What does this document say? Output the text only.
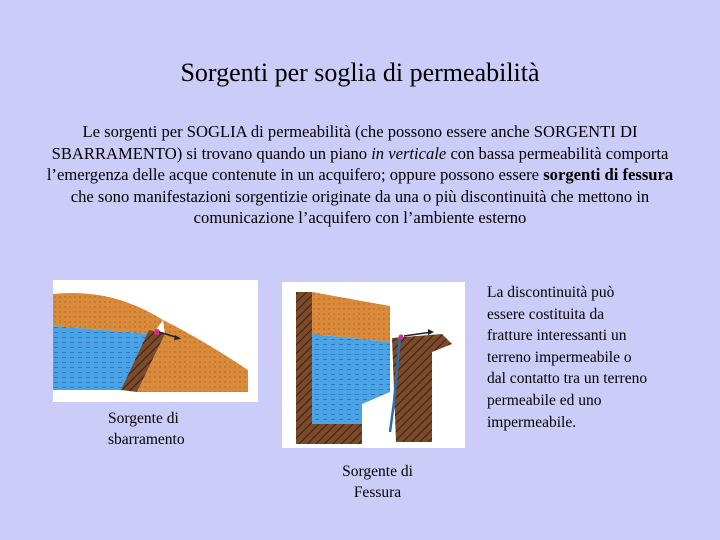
Sorgenti per soglia di permeabilità
Le sorgenti per SOGLIA di permeabilità (che possono essere anche SORGENTI DI SBARRAMENTO) si trovano quando un piano in verticale con bassa permeabilità comporta l’emergenza delle acque contenute in un acquifero; oppure possono essere sorgenti di fessura che sono manifestazioni sorgentizie originate da una o più discontinuità che mettono in comunicazione l’acquifero con l’ambiente esterno
Sorgente di
sbarramento
Sorgente di
Fessura
La discontinuità può essere costituita da fratture interessanti un terreno impermeabile o dal contatto tra un terreno permeabile ed uno impermeabile.
